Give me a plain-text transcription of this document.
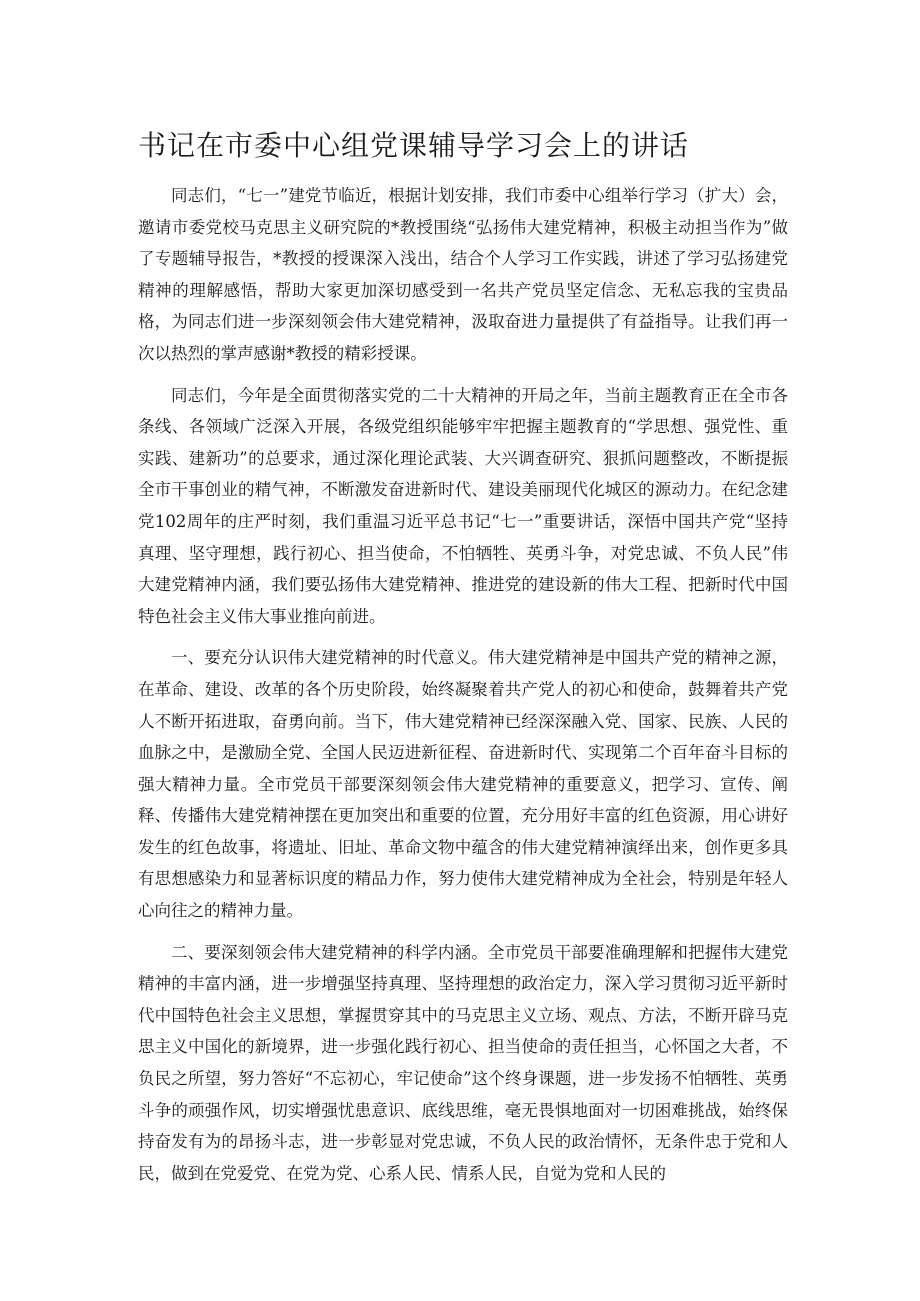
书记在市委中心组党课辅导学习会上的讲话

同志们，“七一”建党节临近，根据计划安排，我们市委中心组举行学习（扩大）会，邀请市委党校马克思主义研究院的*教授围绕“弘扬伟大建党精神，积极主动担当作为”做了专题辅导报告，*教授的授课深入浅出，结合个人学习工作实践，讲述了学习弘扬建党精神的理解感悟，帮助大家更加深切感受到一名共产党员坚定信念、无私忘我的宝贵品格，为同志们进一步深刻领会伟大建党精神，汲取奋进力量提供了有益指导。让我们再一次以热烈的掌声感谢*教授的精彩授课。

同志们，今年是全面贯彻落实党的二十大精神的开局之年，当前主题教育正在全市各条线、各领域广泛深入开展，各级党组织能够牢牢把握主题教育的“学思想、强党性、重实践、建新功”的总要求，通过深化理论武装、大兴调查研究、狠抓问题整改，不断提振全市干事创业的精气神，不断激发奋进新时代、建设美丽现代化城区的源动力。在纪念建党102周年的庄严时刻，我们重温习近平总书记“七一”重要讲话，深悟中国共产党“坚持真理、坚守理想，践行初心、担当使命，不怕牺牲、英勇斗争，对党忠诚、不负人民”伟大建党精神内涵，我们要弘扬伟大建党精神、推进党的建设新的伟大工程、把新时代中国特色社会主义伟大事业推向前进。

一、要充分认识伟大建党精神的时代意义。伟大建党精神是中国共产党的精神之源，在革命、建设、改革的各个历史阶段，始终凝聚着共产党人的初心和使命，鼓舞着共产党人不断开拓进取，奋勇向前。当下，伟大建党精神已经深深融入党、国家、民族、人民的血脉之中，是激励全党、全国人民迈进新征程、奋进新时代、实现第二个百年奋斗目标的强大精神力量。全市党员干部要深刻领会伟大建党精神的重要意义，把学习、宣传、阐释、传播伟大建党精神摆在更加突出和重要的位置，充分用好丰富的红色资源，用心讲好发生的红色故事，将遗址、旧址、革命文物中蕴含的伟大建党精神演绎出来，创作更多具有思想感染力和显著标识度的精品力作，努力使伟大建党精神成为全社会，特别是年轻人心向往之的精神力量。

二、要深刻领会伟大建党精神的科学内涵。全市党员干部要准确理解和把握伟大建党精神的丰富内涵，进一步增强坚持真理、坚持理想的政治定力，深入学习贯彻习近平新时代中国特色社会主义思想，掌握贯穿其中的马克思主义立场、观点、方法，不断开辟马克思主义中国化的新境界，进一步强化践行初心、担当使命的责任担当，心怀国之大者，不负民之所望，努力答好“不忘初心，牢记使命”这个终身课题，进一步发扬不怕牺牲、英勇斗争的顽强作风，切实增强忧患意识、底线思维，毫无畏惧地面对一切困难挑战，始终保持奋发有为的昂扬斗志，进一步彰显对党忠诚，不负人民的政治情怀，无条件忠于党和人民，做到在党爱党、在党为党、心系人民、情系人民，自觉为党和人民的
